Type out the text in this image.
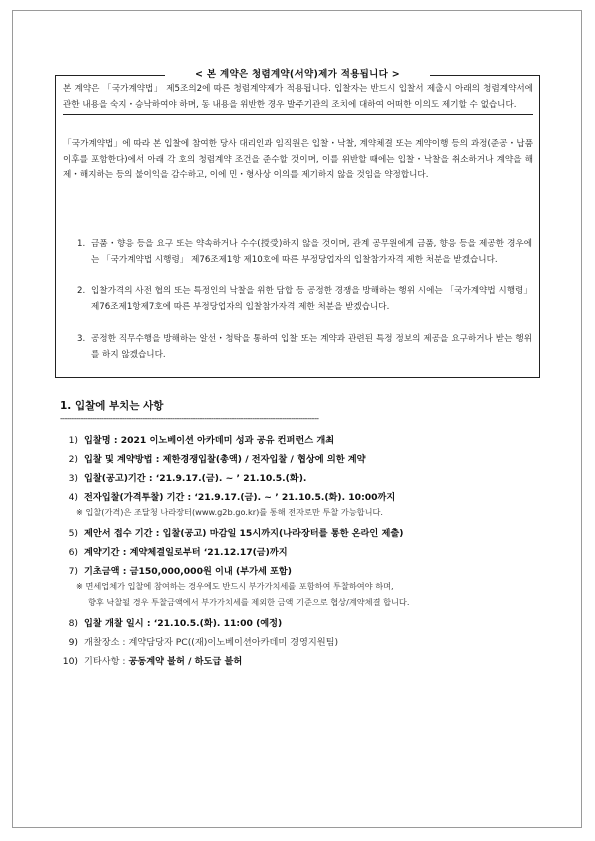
< 본 계약은 청렴계약(서약)제가 적용됩니다 >
본 계약은 「국가계약법」 제5조의2에 따른 청렴계약제가 적용됩니다. 입찰자는 반드시 입찰서 제출시 아래의 청렴계약서에 관한 내용을 숙지・승낙하여야 하며, 동 내용을 위반한 경우 발주기관의 조치에 대하여 어떠한 이의도 제기할 수 없습니다.
「국가계약법」에 따라 본 입찰에 참여한 당사 대리인과 임직원은 입찰・낙찰, 계약체결 또는 계약이행 등의 과정(준공・납품 이후를 포함한다)에서 아래 각 호의 청렴계약 조건을 준수할 것이며, 이를 위반할 때에는 입찰・낙찰을 취소하거나 계약을 해제・해지하는 등의 불이익을 감수하고, 이에 민・형사상 이의를 제기하지 않을 것임을 약정합니다.
1. 금품・향응 등을 요구 또는 약속하거나 수수(授受)하지 않을 것이며, 관계 공무원에게 금품, 향응 등을 제공한 경우에는 「국가계약법 시행령」 제76조제1항 제10호에 따른 부정당업자의 입찰참가자격 제한 처분을 받겠습니다.
2. 입찰가격의 사전 협의 또는 특정인의 낙찰을 위한 담합 등 공정한 경쟁을 방해하는 행위 시에는 「국가계약법 시행령」 제76조제1항제7호에 따른 부정당업자의 입찰참가자격 제한 처분을 받겠습니다.
3. 공정한 직무수행을 방해하는 알선・청탁을 통하여 입찰 또는 계약과 관련된 특정 정보의 제공을 요구하거나 받는 행위를 하지 않겠습니다.
1. 입찰에 부치는 사항
-----------------------------------------------------------------------------------------------------------------
1) 입찰명 : 2021 이노베이션 아카데미 성과 공유 컨퍼런스 개최
2) 입찰 및 계약방법 : 제한경쟁입찰(총액) / 전자입찰 / 협상에 의한 계약
3) 입찰(공고)기간 : ‘21.9.17.(금). ~ ’ 21.10.5.(화).
4) 전자입찰(가격투찰) 기간 : ‘21.9.17.(금). ~ ’ 21.10.5.(화). 10:00까지
※ 입찰(가격)은 조달청 나라장터(www.g2b.go.kr)를 통해 전자로만 투찰 가능합니다.
5) 제안서 접수 기간 : 입찰(공고) 마감일 15시까지(나라장터를 통한 온라인 제출)
6) 계약기간 : 계약체결일로부터 ‘21.12.17(금)까지
7) 기초금액 : 금150,000,000원 이내 (부가세 포함)
※ 면세업체가 입찰에 참여하는 경우에도 반드시 부가가치세를 포함하여 투찰하여야 하며,
향후 낙찰될 경우 투찰금액에서 부가가치세를 제외한 금액 기준으로 협상/계약체결 합니다.
8) 입찰 개찰 일시 : ‘21.10.5.(화). 11:00 (예정)
9) 개찰장소 : 계약담당자 PC((재)이노베이션아카데미 경영지원팀)
10) 기타사항 : 공동계약 불허 / 하도급 불허
